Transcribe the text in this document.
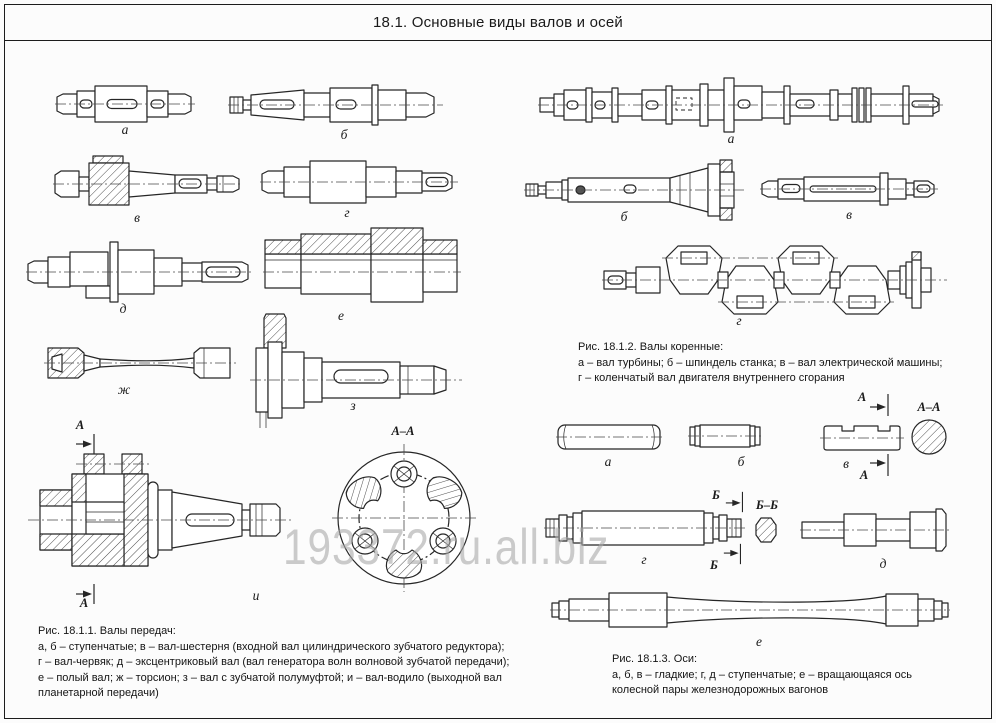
18.1. Основные виды валов и осей
а	б
в	г
д	е
ж
з
А
А	и
А–А
Рис. 18.1.1. Валы передач:
а, б – ступенчатые; в – вал-шестерня (входной вал цилиндрического зубчатого редуктора);
г – вал-червяк; д – эксцентриковый вал (вал генератора волн волновой зубчатой передачи);
е – полый вал; ж – торсион; з – вал с зубчатой полумуфтой; и – вал-водило (выходной вал
планетарной передачи)
а
б	в
г
Рис. 18.1.2. Валы коренные:
а – вал турбины; б – шпиндель станка; в – вал электрической машины;
г – коленчатый вал двигателя внутреннего сгорания
а	б	в
А
А
А–А
г
Б
Б
Б–Б
д
е
Рис. 18.1.3. Оси:
а, б, в – гладкие; г, д – ступенчатые; е – вращающаяся ось
колесной пары железнодорожных вагонов
193372.ru.all.biz
